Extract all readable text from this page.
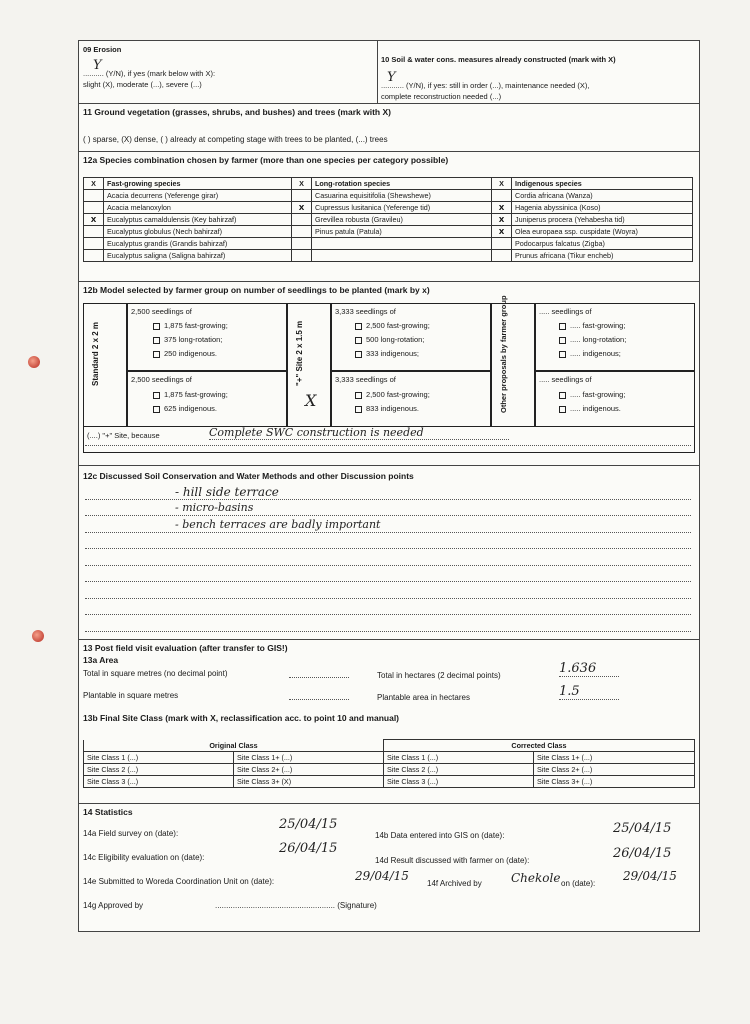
09 Erosion
Y
.......... (Y/N), if yes (mark below with X):
slight (X), moderate (...), severe (...)
10 Soil & water cons. measures already constructed (mark with X)
Y
........... (Y/N), if yes: still in order (...), maintenance needed (X),
complete reconstruction needed (...)
11 Ground vegetation (grasses, shrubs, and bushes) and trees (mark with X)
( ) sparse, (X) dense, ( ) already at competing stage with trees to be planted, (...) trees
12a Species combination chosen by farmer (more than one species per category possible)
X	Fast-growing species	X	Long-rotation species	X	Indigenous species
	Acacia decurrens (Yeferenge girar)		Casuarina equisitifolia (Shewshewe)		Cordia africana (Wanza)
	Acacia melanoxylon	X	Cupressus lusitanica (Yeferenge tid)	X	Hagenia abyssinica (Koso)
X	Eucalyptus camaldulensis (Key bahirzaf)		Grevillea robusta (Gravileu)	X	Juniperus procera (Yehabesha tid)
	Eucalyptus globulus (Nech bahirzaf)		Pinus patula (Patula)	X	Olea europaea ssp. cuspidate (Woyra)
	Eucalyptus grandis (Grandis bahirzaf)				Podocarpus falcatus (Zigba)
	Eucalyptus saligna (Saligna bahirzaf)				Prunus africana (Tikur encheb)
12b Model selected by farmer group on number of seedlings to be planted (mark by x)
Standard 2 x 2 m
2,500 seedlings of
1,875 fast-growing;
375 long-rotation;
250 indigenous.
2,500 seedlings of
1,875 fast-growing;
625 indigenous.
"+" Site 2 x 1.5 m
X
3,333 seedlings of
2,500 fast-growing;
500 long-rotation;
333 indigenous;
3,333 seedlings of
2,500 fast-growing;
833 indigenous.	Other proposals by farmer group	..... seedlings of
..... fast-growing;
..... long-rotation;
..... indigenous;
..... seedlings of
..... fast-growing;
..... indigenous.
(....) "+" Site, because	Complete SWC construction is needed
12c Discussed Soil Conservation and Water Methods and other Discussion points
- hill side terrace
- micro-basins
- bench terraces are badly important
13 Post field visit evaluation (after transfer to GIS!)
13a Area
Total in square metres (no decimal point)	Total in hectares (2 decimal points)	1.636
Plantable in square metres	Plantable area in hectares	1.5
13b Final Site Class (mark with X, reclassification acc. to point 10 and manual)
Original Class		Corrected Class	
Site Class 1 (...)	Site Class 1+ (...)	Site Class 1 (...)	Site Class 1+ (...)
Site Class 2 (...)	Site Class 2+ (...)	Site Class 2 (...)	Site Class 2+ (...)
Site Class 3 (...)	Site Class 3+ (X)	Site Class 3 (...)	Site Class 3+ (...)
14 Statistics
14a Field survey on (date):
25/04/15
14b Data entered into GIS on (date):	25/04/15
14c Eligibility evaluation on (date):
26/04/15
14d Result discussed with farmer on (date):	26/04/15
14e Submitted to Woreda Coordination Unit on (date):	29/04/15
14f Archived by Chekole on (date):
29/04/15
14g Approved by	...................................................... (Signature)
